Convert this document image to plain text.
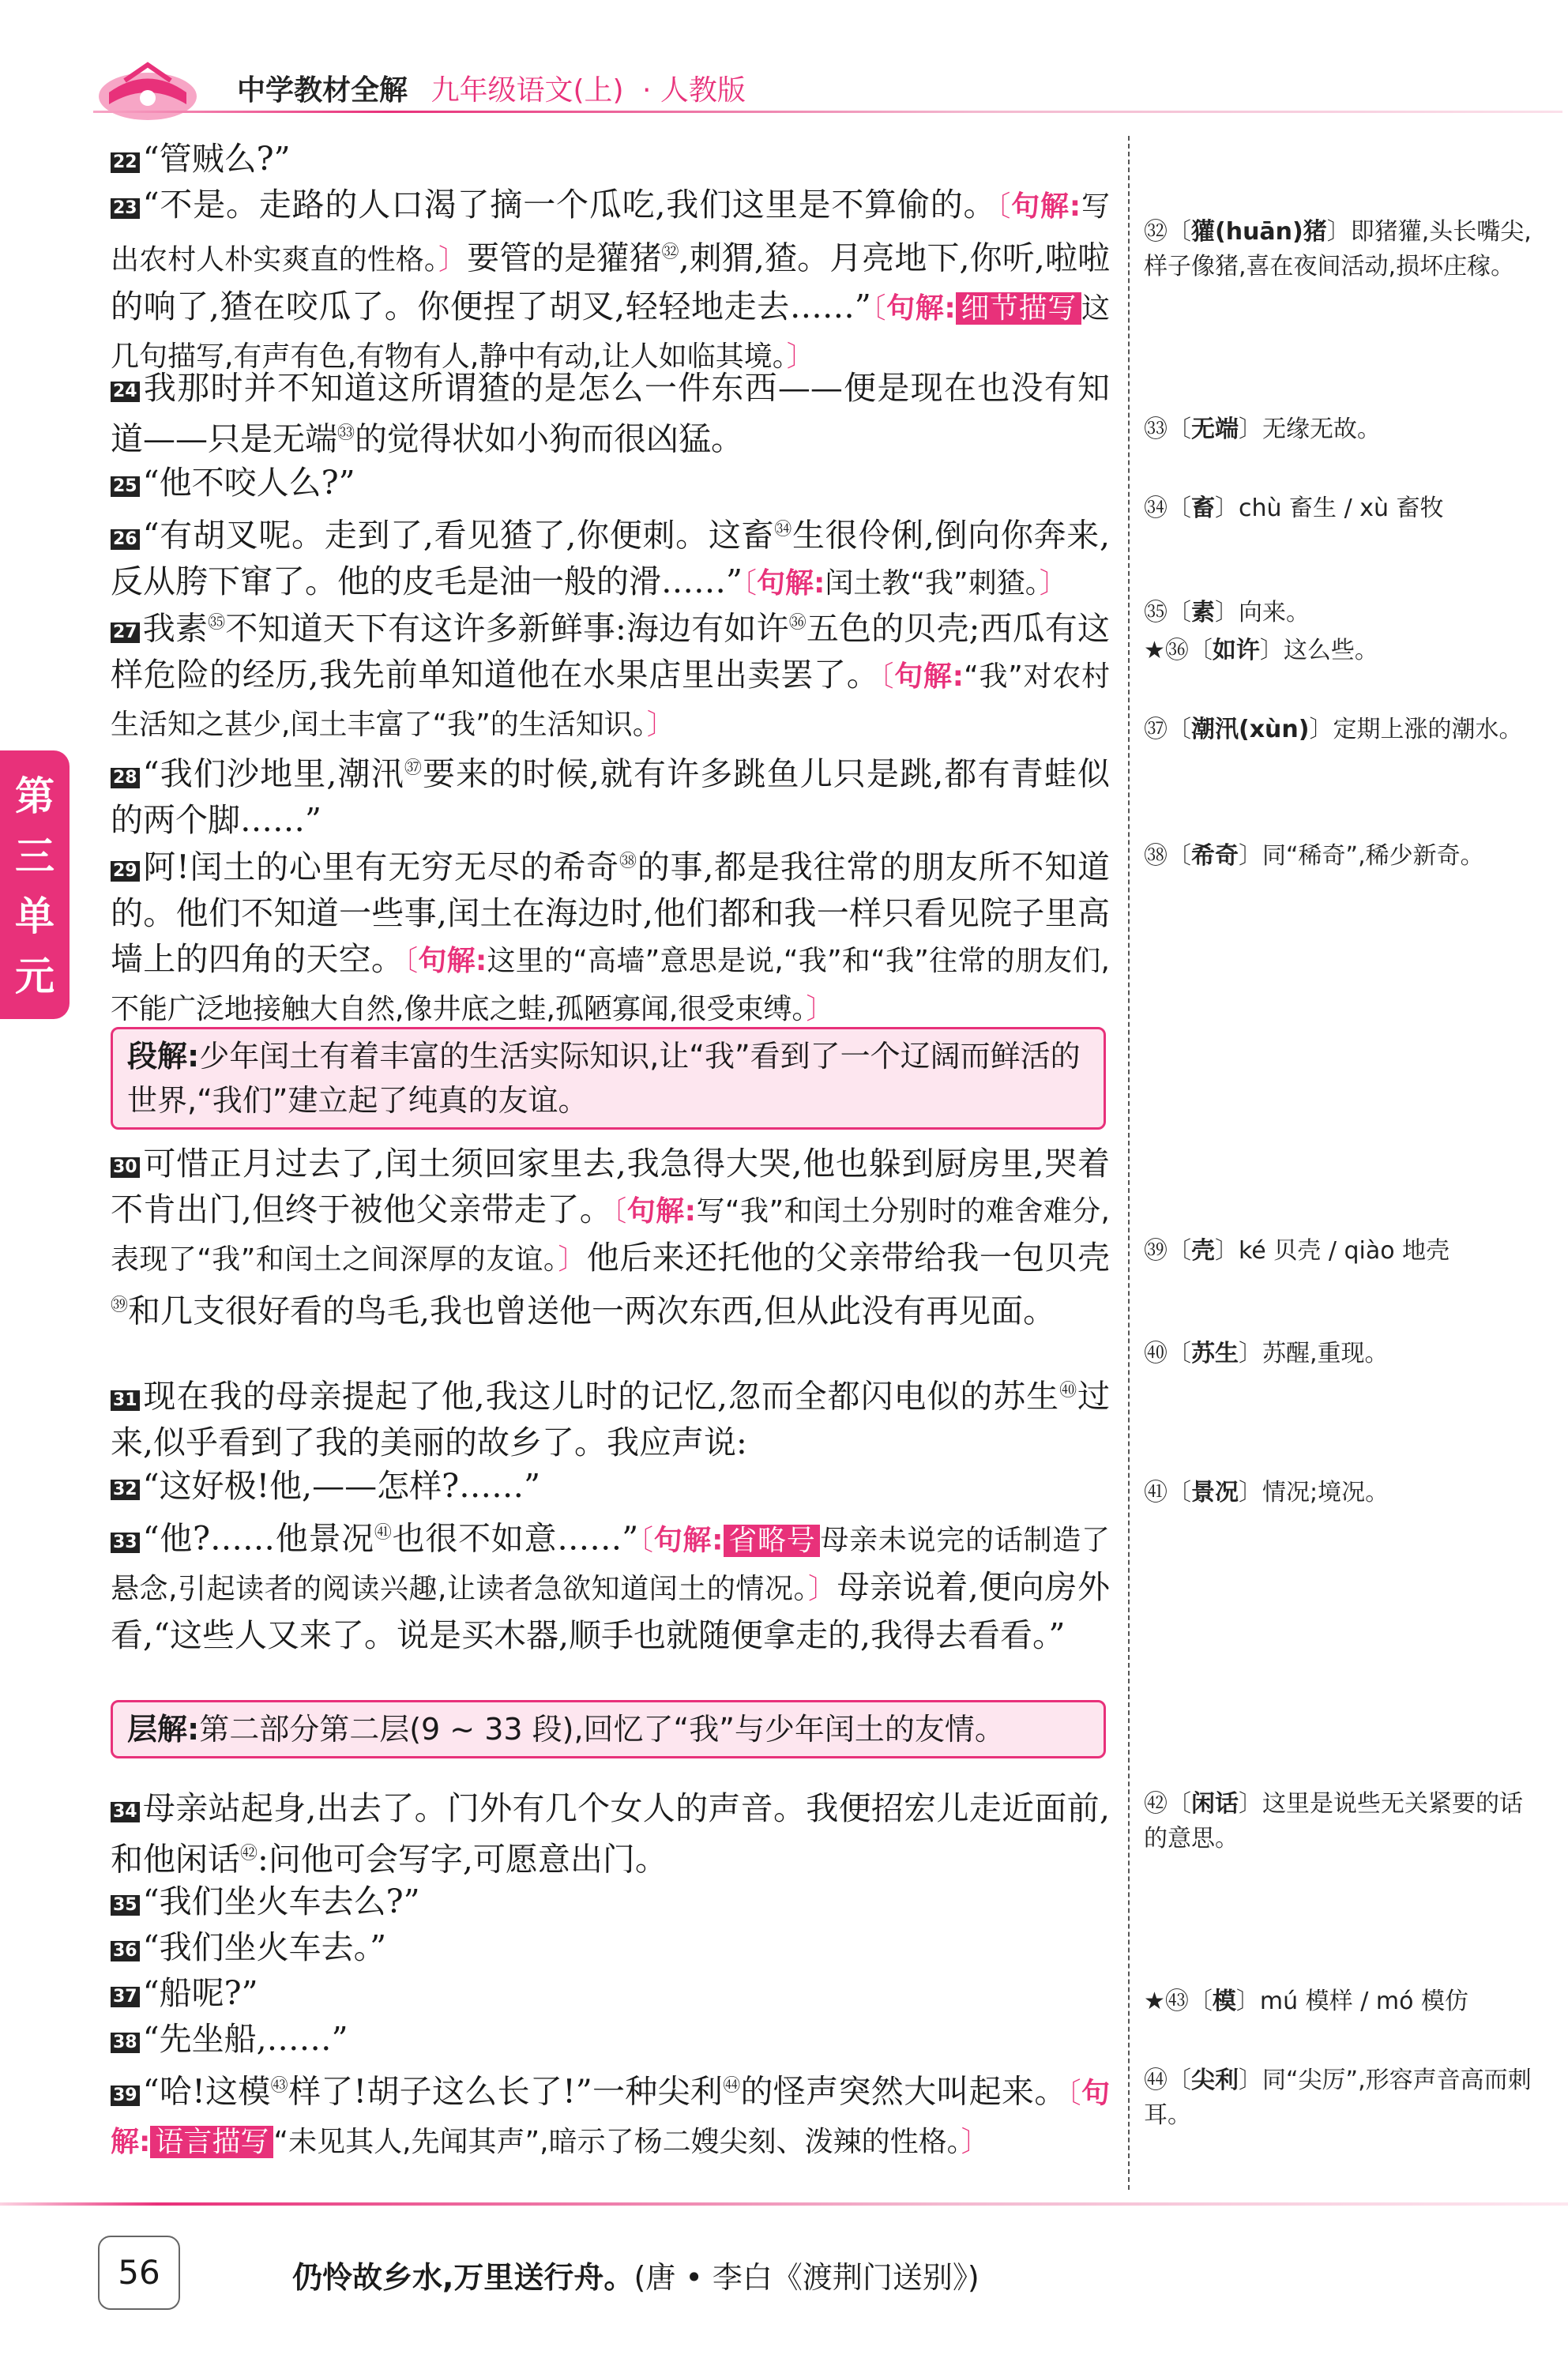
中学教材全解 九年级语文(上) · 人教版
第三单元
22 “管贼么?”
23 “不是。走路的人口渴了摘一个瓜吃,我们这里是不算偷的。〔句解:写出农村人朴实爽直的性格。〕要管的是獾猪$^㉜$,刺猬,猹。月亮地下,你听,啦啦的响了,猹在咬瓜了。你便捏了胡叉,轻轻地走去……”〔句解: 细节描写 这几句描写,有声有色,有物有人,静中有动,让人如临其境。〕
24 我那时并不知道这所谓猹的是怎么一件东西——便是现在也没有知道——只是无端$^㉝$的觉得状如小狗而很凶猛。
25 “他不咬人么?”
26 “有胡叉呢。走到了,看见猹了,你便刺。这畜$^㉞$生很伶俐,倒向你奔来,反从胯下窜了。他的皮毛是油一般的滑……”〔句解:闰土教“我”刺猹。〕
27 我素$^㉟$不知道天下有这许多新鲜事:海边有如许$^㊱$五色的贝壳;西瓜有这样危险的经历,我先前单知道他在水果店里出卖罢了。〔句解:“我”对农村生活知之甚少,闰土丰富了“我”的生活知识。〕
28 “我们沙地里,潮汛$^㊲$要来的时候,就有许多跳鱼儿只是跳,都有青蛙似的两个脚……”
29 阿!闰土的心里有无穷无尽的希奇$^㊳$的事,都是我往常的朋友所不知道的。他们不知道一些事,闰土在海边时,他们都和我一样只看见院子里高墙上的四角的天空。〔句解:这里的“高墙”意思是说,“我”和“我”往常的朋友们,不能广泛地接触大自然,像井底之蛙,孤陋寡闻,很受束缚。〕
段解:少年闰土有着丰富的生活实际知识,让“我”看到了一个辽阔而鲜活的世界,“我们”建立起了纯真的友谊。
30 可惜正月过去了,闰土须回家里去,我急得大哭,他也躲到厨房里,哭着不肯出门,但终于被他父亲带走了。〔句解:写“我”和闰土分别时的难舍难分,表现了“我”和闰土之间深厚的友谊。〕他后来还托他的父亲带给我一包贝壳$^㊴$和几支很好看的鸟毛,我也曾送他一两次东西,但从此没有再见面。
31 现在我的母亲提起了他,我这儿时的记忆,忽而全都闪电似的苏生$^㊵$过来,似乎看到了我的美丽的故乡了。我应声说:
32 “这好极!他,——怎样?……”
33 “他?……他景况$^㊶$也很不如意……”〔句解: 省略号 母亲未说完的话制造了悬念,引起读者的阅读兴趣,让读者急欲知道闰土的情况。〕母亲说着,便向房外看,“这些人又来了。说是买木器,顺手也就随便拿走的,我得去看看。”
层解:第二部分第二层(9 ~ 33 段),回忆了“我”与少年闰土的友情。
34 母亲站起身,出去了。门外有几个女人的声音。我便招宏儿走近面前,和他闲话$^㊷$:问他可会写字,可愿意出门。
35 “我们坐火车去么?”
36 “我们坐火车去。”
37 “船呢?”
38 “先坐船,……”
39 “哈!这模$^㊸$样了!胡子这么长了!”一种尖利$^㊹$的怪声突然大叫起来。〔句解: 语言描写 “未见其人,先闻其声”,暗示了杨二嫂尖刻、泼辣的性格。〕
㉜〔獾(huān)猪〕即猪獾,头长嘴尖,样子像猪,喜在夜间活动,损坏庄稼。
㉝〔无端〕无缘无故。
㉞〔畜〕chù 畜生 / xù 畜牧
㉟〔素〕向来。
★㊱〔如许〕这么些。
㊲〔潮汛(xùn)〕定期上涨的潮水。
㊳〔希奇〕同“稀奇”,稀少新奇。
㊴〔壳〕ké 贝壳 / qiào 地壳
㊵〔苏生〕苏醒,重现。
㊶〔景况〕情况;境况。
㊷〔闲话〕这里是说些无关紧要的话的意思。
★㊸〔模〕mú 模样 / mó 模仿
㊹〔尖利〕同“尖厉”,形容声音高而刺耳。
56	仍怜故乡水,万里送行舟。(唐 • 李白《渡荆门送别》)
